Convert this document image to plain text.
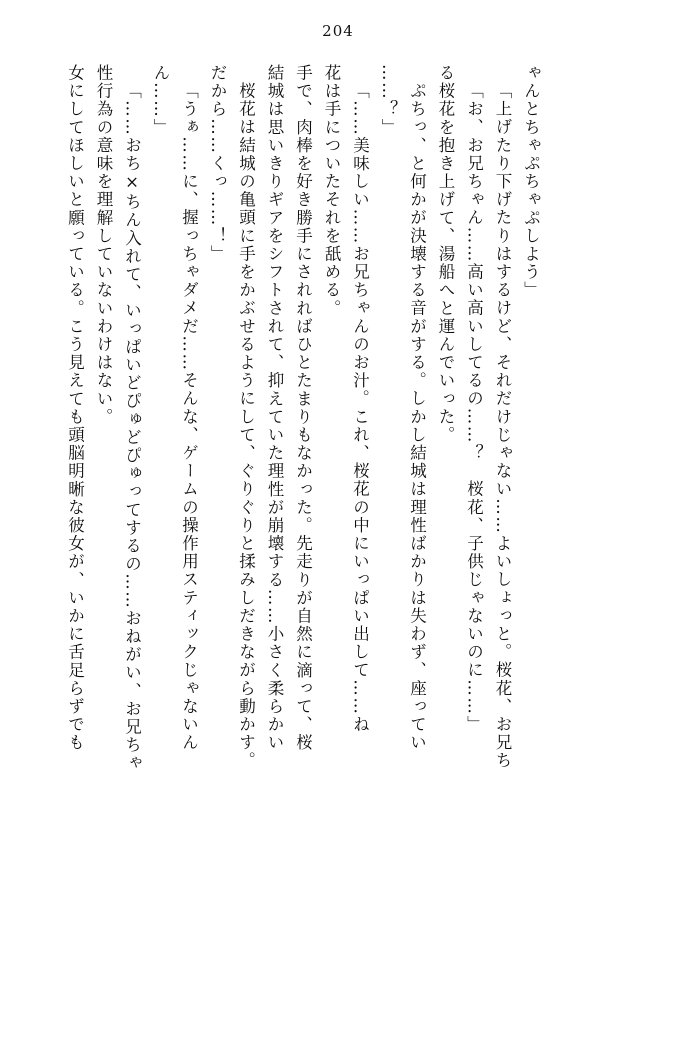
204
女にしてほしいと願っている。こう見えても頭脳明晰な彼女が、いかに舌足らずでも 性行為の意味を理解していないわけはない。 「……おち×ちん入れて、いっぱいどぴゅどぴゅってするの……おねがい、お兄ちゃ ん……」 「うぁ……に、握っちゃダメだ……そんな、ゲームの操作用スティックじゃないん だから……くっ……！」 桜花は結城の亀頭に手をかぶせるようにして、ぐりぐりと揉みしだきながら動かす。 結城は思いきりギアをシフトされて、抑えていた理性が崩壊する……小さく柔らかい 手で、肉棒を好き勝手にされればひとたまりもなかった。先走りが自然に滴って、桜 花は手についたそれを舐める。 「……美味しい……お兄ちゃんのお汁。これ、桜花の中にいっぱい出して……ね ……？」 ぷちっ、と何かが決壊する音がする。しかし結城は理性ばかりは失わず、座ってい る桜花を抱き上げて、湯船へと運んでいった。 「お、お兄ちゃん……高い高いしてるの……？　桜花、子供じゃないのに……」 「上げたり下げたりはするけど、それだけじゃない……よいしょっと。桜花、お兄ち ゃんとちゃぷちゃぷしよう」
